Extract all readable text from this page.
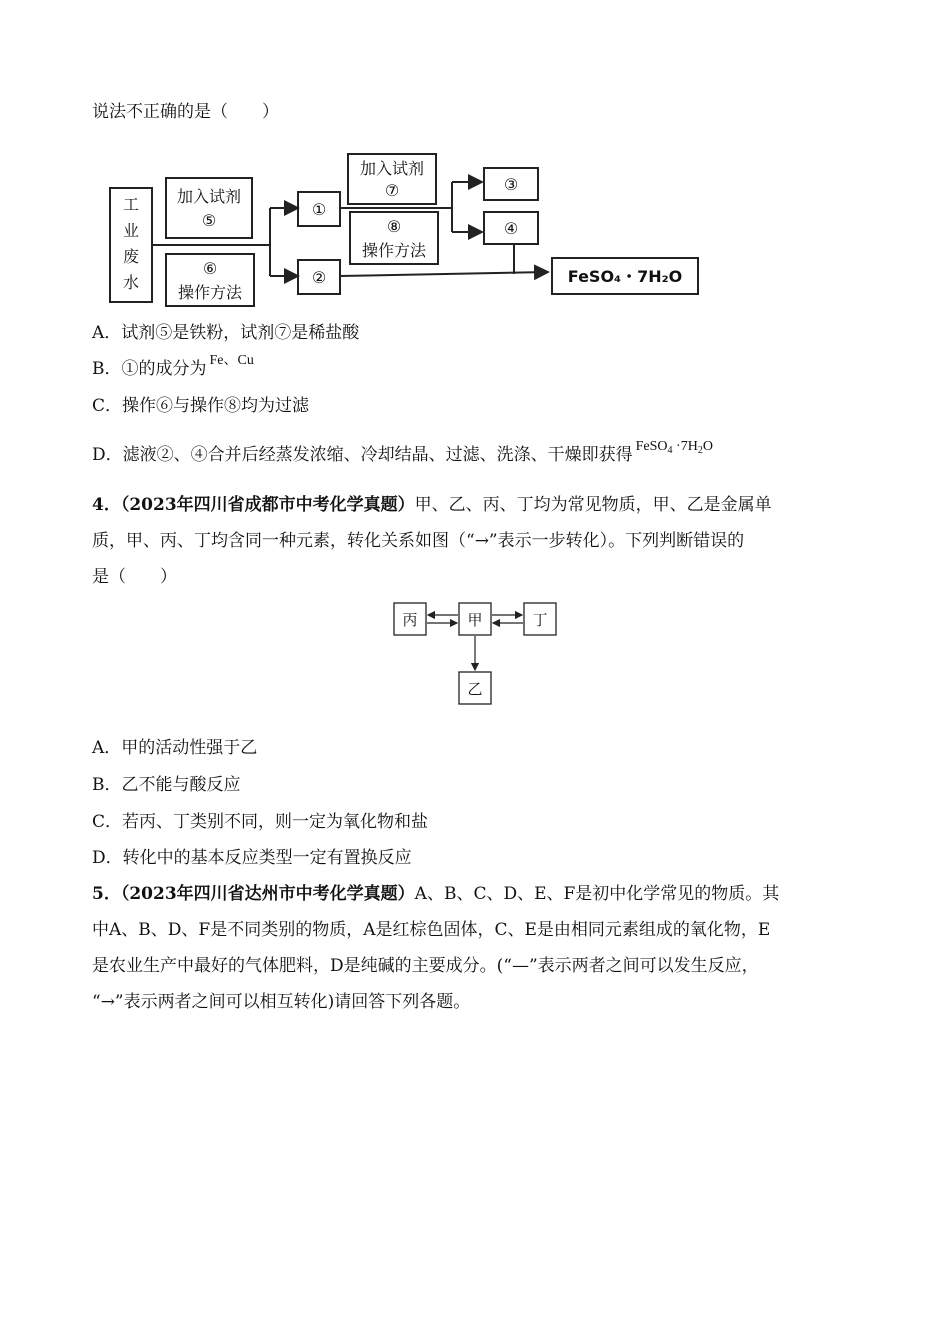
说法不正确的是（　　）
工
业
废
水
加入试剂
⑤
⑥
操作方法
①
②
加入试剂
⑦
⑧
操作方法
③
④
FeSO₄・7H₂O
A．试剂⑤是铁粉，试剂⑦是稀盐酸
B．①的成分为 $^{Fe、Cu}$
C．操作⑥与操作⑧均为过滤
D．滤液②、④合并后经蒸发浓缩、冷却结晶、过滤、洗涤、干燥即获得 $^{FeSO_4 \cdot 7H_2O}$
4．（2023年四川省成都市中考化学真题）甲、乙、丙、丁均为常见物质，甲、乙是金属单
质，甲、丙、丁均含同一种元素，转化关系如图（“→”表示一步转化）。下列判断错误的
是（　　）
丙	甲	丁
乙
A．甲的活动性强于乙
B．乙不能与酸反应
C．若丙、丁类别不同，则一定为氧化物和盐
D．转化中的基本反应类型一定有置换反应
5．（2023年四川省达州市中考化学真题）A、B、C、D、E、F是初中化学常见的物质。其
中A、B、D、F是不同类别的物质，A是红棕色固体，C、E是由相同元素组成的氧化物，E
是农业生产中最好的气体肥料，D是纯碱的主要成分。(“—”表示两者之间可以发生反应，
“→”表示两者之间可以相互转化)请回答下列各题。
